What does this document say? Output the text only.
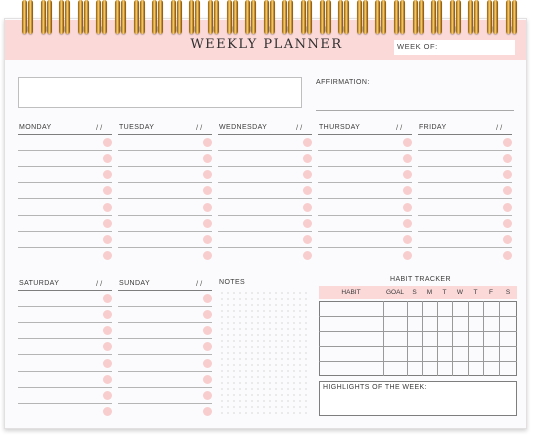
WEEKLY PLANNER	WEEK OF:
AFFIRMATION:
MONDAY	/ / TUESDAY	/ / WEDNESDAY	/ / THURSDAY	/ / FRIDAY	/ /
SATURDAY	/ / SUNDAY	/ / NOTES	HABIT TRACKER
HABIT	GOAL	S	M	T	W	T	F	S
HIGHLIGHTS OF THE WEEK:
